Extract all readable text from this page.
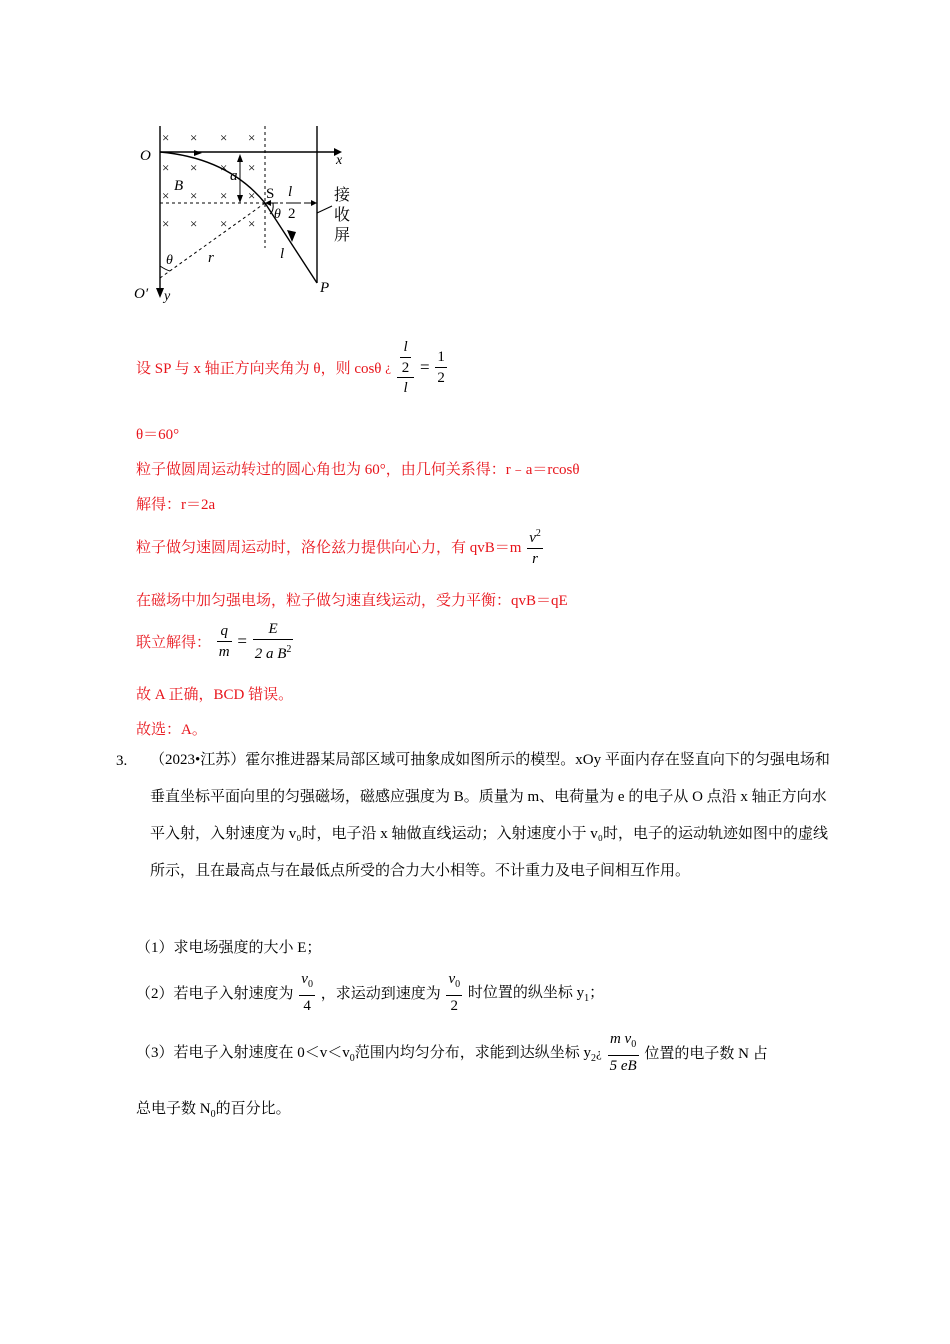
× × × ×
× × × ×
× × × ×
× × × ×
O	x
B
a
S l
2
θ
接
收
屏
θ r	l
O′ y
P
设 SP 与 x 轴正方向夹角为 θ，则 cosθ ¿ $\frac{\frac{l}{2}}{l} = \frac{1}{2}$
θ＝60°
粒子做圆周运动转过的圆心角也为 60°，由几何关系得：r﹣a＝rcosθ
解得：r＝2a
粒子做匀速圆周运动时，洛伦兹力提供向心力，有 $qvB=m \frac{v^2}{r}$
在磁场中加匀强电场，粒子做匀速直线运动，受力平衡：qvB＝qE
联立解得： $\frac{q}{m} = \frac{E}{2 a B^2}$
故 A 正确，BCD 错误。
故选：A。
3. （2023•江苏）霍尔推进器某局部区域可抽象成如图所示的模型。xOy 平面内存在竖直向下的匀强电场和垂直坐标平面向里的匀强磁场，磁感应强度为 B。质量为 m、电荷量为 e 的电子从 O 点沿 x 轴正方向水平入射，入射速度为 v₀时，电子沿 x 轴做直线运动；入射速度小于 v₀时，电子的运动轨迹如图中的虚线所示，且在最高点与在最低点所受的合力大小相等。不计重力及电子间相互作用。
（1）求电场强度的大小 E；
（2）若电子入射速度为 $\frac{v_0}{4}$ ，求运动到速度为 $\frac{v_0}{2}$ 时位置的纵坐标 $y_1$；
（3）若电子入射速度在 $0<v<v_0$范围内均匀分布，求能到达纵坐标 $y_2¿ \frac{m v_0}{5 eB}$ 位置的电子数 N 占
总电子数 $N_0$的百分比。
